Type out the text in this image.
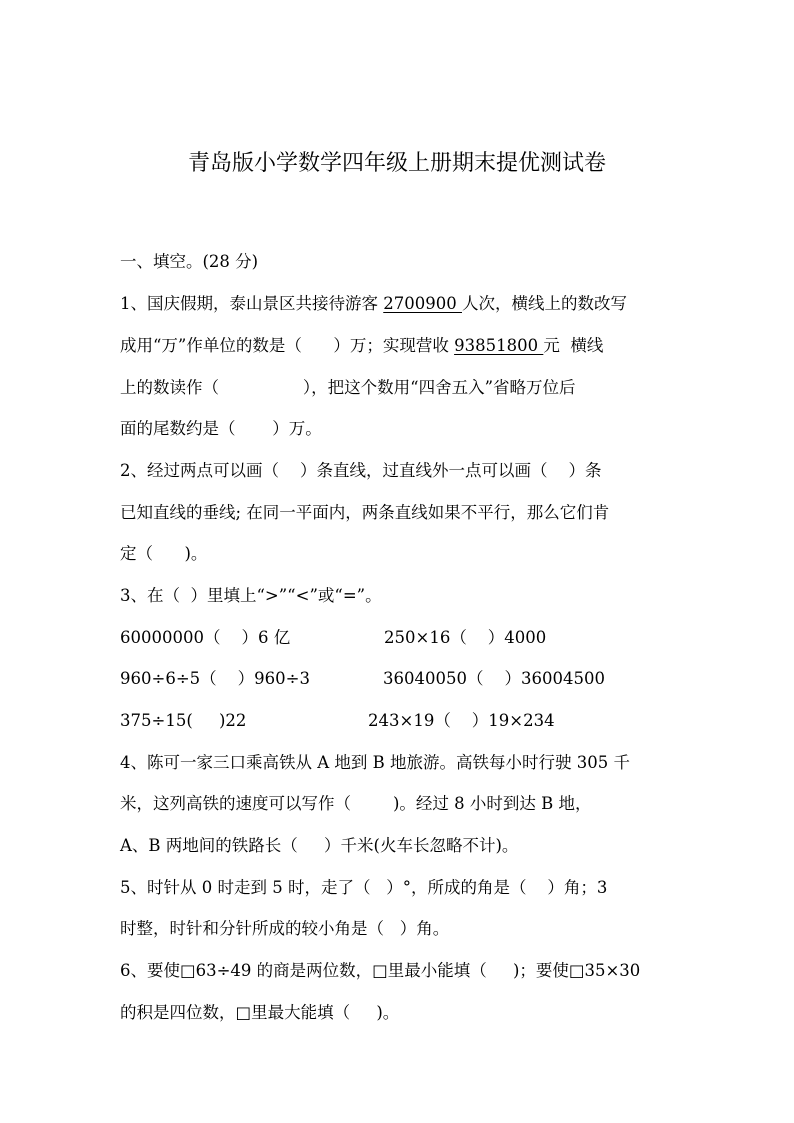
青岛版小学数学四年级上册期末提优测试卷
一、填空。(28 分)
1、国庆假期，泰山景区共接待游客 2700900 人次，横线上的数改写
成用“万”作单位的数是（      ）万；实现营收 93851800 元  横线
上的数读作（                ），把这个数用“四舍五入”省略万位后
面的尾数约是（       ）万。
2、经过两点可以画（    ）条直线，过直线外一点可以画（    ）条
已知直线的垂线; 在同一平面内，两条直线如果不平行，那么它们肯
定（      )。
3、在（  ）里填上“>”“<”或“=”。
60000000（    ）6 亿	250×16（    ）4000
960÷6÷5（    ）960÷3	36040050（    ）36004500
375÷15(     )22	243×19（    ）19×234
4、陈可一家三口乘高铁从 A 地到 B 地旅游。高铁每小时行驶 305 千
米，这列高铁的速度可以写作（        )。经过 8 小时到达 B 地，
A、B 两地间的铁路长（     ）千米(火车长忽略不计)。
5、时针从 0 时走到 5 时，走了（   ）°，所成的角是（    ）角；3
时整，时针和分针所成的较小角是（   ）角。
6、要使□63÷49 的商是两位数，□里最小能填（     )；要使□35×30
的积是四位数，□里最大能填（     )。
